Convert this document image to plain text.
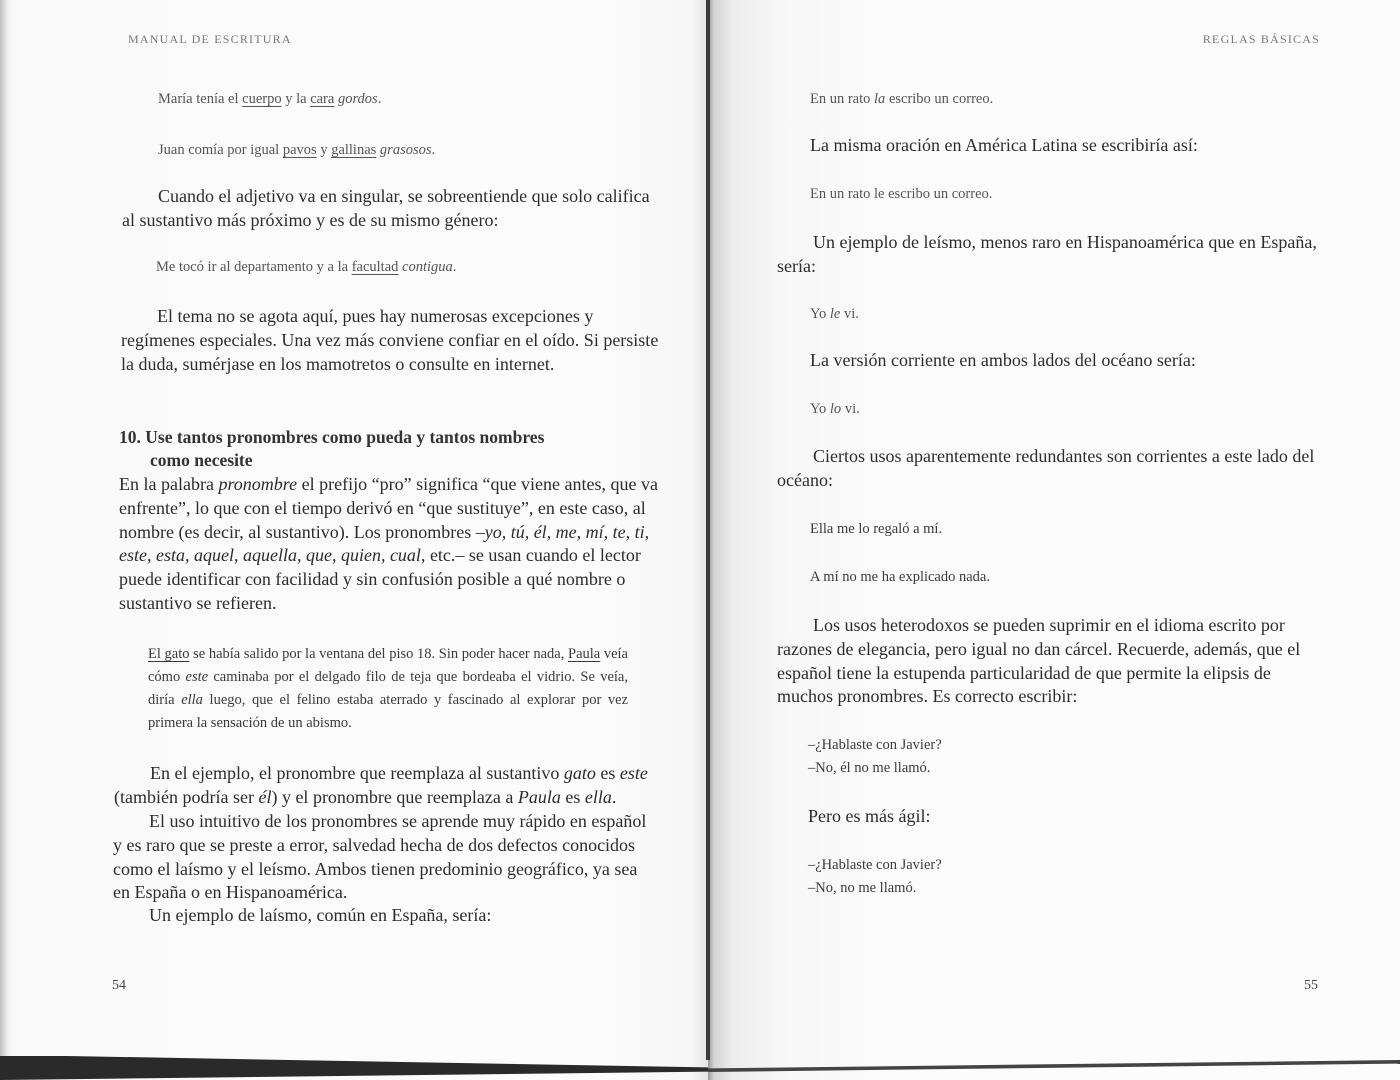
MANUAL DE ESCRITURA
María tenía el cuerpo y la cara gordos.
Juan comía por igual pavos y gallinas grasosos.
Cuando el adjetivo va en singular, se sobreentiende que solo califica al sustantivo más próximo y es de su mismo género:
Me tocó ir al departamento y a la facultad contigua.
El tema no se agota aquí, pues hay numerosas excepciones y regímenes especiales. Una vez más conviene confiar en el oído. Si persiste la duda, sumérjase en los mamotretos o consulte en internet.
10. Use tantos pronombres como pueda y tantos nombres
como necesite
En la palabra pronombre el prefijo “pro” significa “que viene antes, que va enfrente”, lo que con el tiempo derivó en “que sustituye”, en este caso, al nombre (es decir, al sustantivo). Los pronombres –yo, tú, él, me, mí, te, ti, este, esta, aquel, aquella, que, quien, cual, etc.– se usan cuando el lector puede identificar con facilidad y sin confusión posible a qué nombre o sustantivo se refieren.
El gato se había salido por la ventana del piso 18. Sin poder hacer nada, Paula veía cómo este caminaba por el delgado filo de teja que bordeaba el vidrio. Se veía, diría ella luego, que el felino estaba aterrado y fascinado al explorar por vez primera la sensación de un abismo.
En el ejemplo, el pronombre que reemplaza al sustantivo gato es este (también podría ser él) y el pronombre que reemplaza a Paula es ella.
El uso intuitivo de los pronombres se aprende muy rápido en español y es raro que se preste a error, salvedad hecha de dos defectos conocidos como el laísmo y el leísmo. Ambos tienen predominio geográfico, ya sea en España o en Hispanoamérica.
Un ejemplo de laísmo, común en España, sería:
54
REGLAS BÁSICAS
En un rato la escribo un correo.
La misma oración en América Latina se escribiría así:
En un rato le escribo un correo.
Un ejemplo de leísmo, menos raro en Hispanoamérica que en España, sería:
Yo le vi.
La versión corriente en ambos lados del océano sería:
Yo lo vi.
Ciertos usos aparentemente redundantes son corrientes a este lado del océano:
Ella me lo regaló a mí.
A mí no me ha explicado nada.
Los usos heterodoxos se pueden suprimir en el idioma escrito por razones de elegancia, pero igual no dan cárcel. Recuerde, además, que el español tiene la estupenda particularidad de que permite la elipsis de muchos pronombres. Es correcto escribir:
–¿Hablaste con Javier?
–No, él no me llamó.
Pero es más ágil:
–¿Hablaste con Javier?
–No, no me llamó.
55
